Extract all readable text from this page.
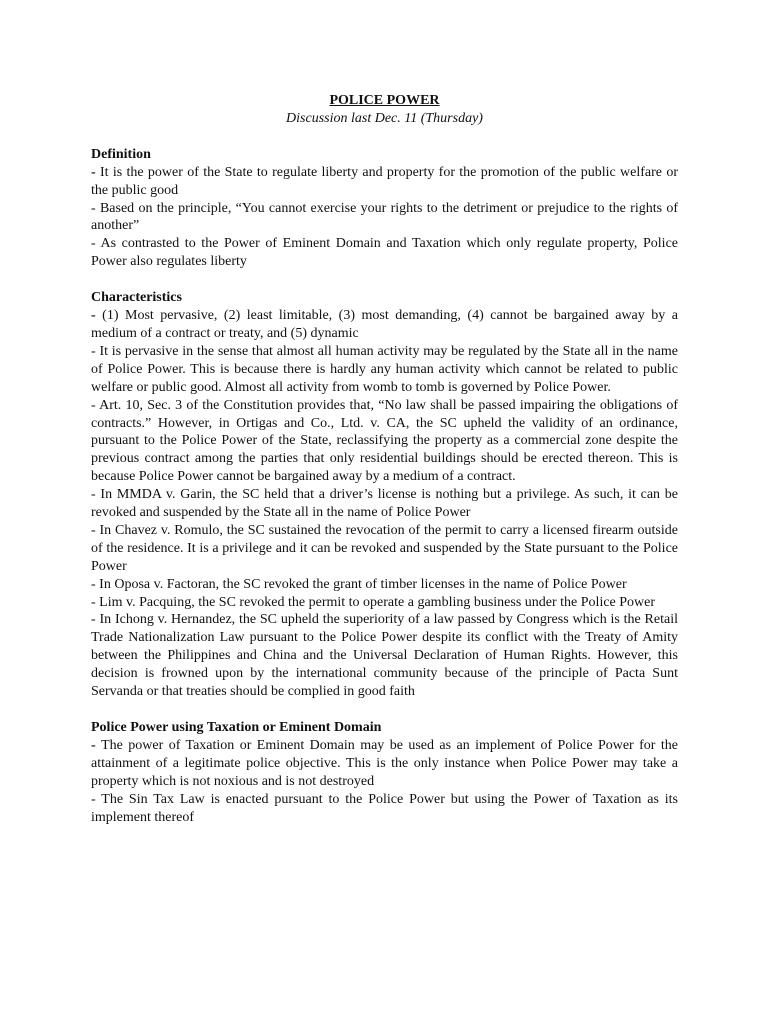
POLICE POWER
Discussion last Dec. 11 (Thursday)
Definition

- It is the power of the State to regulate liberty and property for the promotion of the public welfare or the public good

- Based on the principle, “You cannot exercise your rights to the detriment or prejudice to the rights of another”

- As contrasted to the Power of Eminent Domain and Taxation which only regulate property, Police Power also regulates liberty

Characteristics

- (1) Most pervasive, (2) least limitable, (3) most demanding, (4) cannot be bargained away by a medium of a contract or treaty, and (5) dynamic

- It is pervasive in the sense that almost all human activity may be regulated by the State all in the name of Police Power. This is because there is hardly any human activity which cannot be related to public welfare or public good. Almost all activity from womb to tomb is governed by Police Power.

- Art. 10, Sec. 3 of the Constitution provides that, “No law shall be passed impairing the obligations of contracts.” However, in Ortigas and Co., Ltd. v. CA, the SC upheld the validity of an ordinance, pursuant to the Police Power of the State, reclassifying the property as a commercial zone despite the previous contract among the parties that only residential buildings should be erected thereon. This is because Police Power cannot be bargained away by a medium of a contract.

- In MMDA v. Garin, the SC held that a driver’s license is nothing but a privilege. As such, it can be revoked and suspended by the State all in the name of Police Power

- In Chavez v. Romulo, the SC sustained the revocation of the permit to carry a licensed firearm outside of the residence. It is a privilege and it can be revoked and suspended by the State pursuant to the Police Power

- In Oposa v. Factoran, the SC revoked the grant of timber licenses in the name of Police Power

- Lim v. Pacquing, the SC revoked the permit to operate a gambling business under the Police Power

- In Ichong v. Hernandez, the SC upheld the superiority of a law passed by Congress which is the Retail Trade Nationalization Law pursuant to the Police Power despite its conflict with the Treaty of Amity between the Philippines and China and the Universal Declaration of Human Rights. However, this decision is frowned upon by the international community because of the principle of Pacta Sunt Servanda or that treaties should be complied in good faith

Police Power using Taxation or Eminent Domain

- The power of Taxation or Eminent Domain may be used as an implement of Police Power for the attainment of a legitimate police objective. This is the only instance when Police Power may take a property which is not noxious and is not destroyed

- The Sin Tax Law is enacted pursuant to the Police Power but using the Power of Taxation as its implement thereof
